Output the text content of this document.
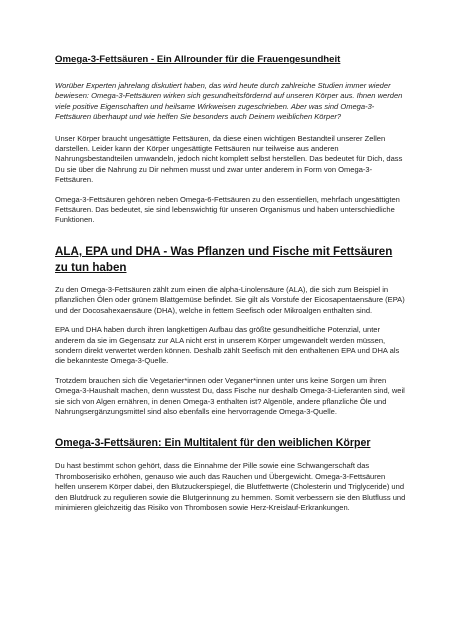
Omega-3-Fettsäuren - Ein Allrounder für die Frauengesundheit

Worüber Experten jahrelang diskutiert haben, das wird heute durch zahlreiche Studien immer wieder bewiesen: Omega-3-Fettsäuren wirken sich gesundheitsfördernd auf unseren Körper aus. Ihnen werden viele positive Eigenschaften und heilsame Wirkweisen zugeschrieben. Aber was sind Omega-3-Fettsäuren überhaupt und wie helfen Sie besonders auch Deinem weiblichen Körper?

Unser Körper braucht ungesättigte Fettsäuren, da diese einen wichtigen Bestandteil unserer Zellen darstellen. Leider kann der Körper ungesättigte Fettsäuren nur teilweise aus anderen Nahrungsbestandteilen umwandeln, jedoch nicht komplett selbst herstellen. Das bedeutet für Dich, dass Du sie über die Nahrung zu Dir nehmen musst und zwar unter anderem in Form von Omega-3-Fettsäuren.

Omega-3-Fettsäuren gehören neben Omega-6-Fettsäuren zu den essentiellen, mehrfach ungesättigten Fettsäuren. Das bedeutet, sie sind lebenswichtig für unseren Organismus und haben unterschiedliche Funktionen.

ALA, EPA und DHA - Was Pflanzen und Fische mit Fettsäuren zu tun haben

Zu den Omega-3-Fettsäuren zählt zum einen die alpha-Linolensäure (ALA), die sich zum Beispiel in pflanzlichen Ölen oder grünem Blattgemüse befindet. Sie gilt als Vorstufe der Eicosapentaensäure (EPA) und der Docosahexaensäure (DHA), welche in fettem Seefisch oder Mikroalgen enthalten sind.

EPA und DHA haben durch ihren langkettigen Aufbau das größte gesundheitliche Potenzial, unter anderem da sie im Gegensatz zur ALA nicht erst in unserem Körper umgewandelt werden müssen, sondern direkt verwertet werden können. Deshalb zählt Seefisch mit den enthaltenen EPA und DHA als die bekannteste Omega-3-Quelle.

Trotzdem brauchen sich die Vegetarier*innen oder Veganer*innen unter uns keine Sorgen um ihren Omega-3-Haushalt machen, denn wusstest Du, dass Fische nur deshalb Omega-3-Lieferanten sind, weil sie sich von Algen ernähren, in denen Omega-3 enthalten ist? Algenöle, andere pflanzliche Öle und Nahrungsergänzungsmittel sind also ebenfalls eine hervorragende Omega-3-Quelle.

Omega-3-Fettsäuren: Ein Multitalent für den weiblichen Körper

Du hast bestimmt schon gehört, dass die Einnahme der Pille sowie eine Schwangerschaft das Thromboserisiko erhöhen, genauso wie auch das Rauchen und Übergewicht. Omega-3-Fettsäuren helfen unserem Körper dabei, den Blutzuckerspiegel, die Blutfettwerte (Cholesterin und Triglyceride) und den Blutdruck zu regulieren sowie die Blutgerinnung zu hemmen. Somit verbessern sie den Blutfluss und minimieren gleichzeitig das Risiko von Thrombosen sowie Herz-Kreislauf-Erkrankungen.
